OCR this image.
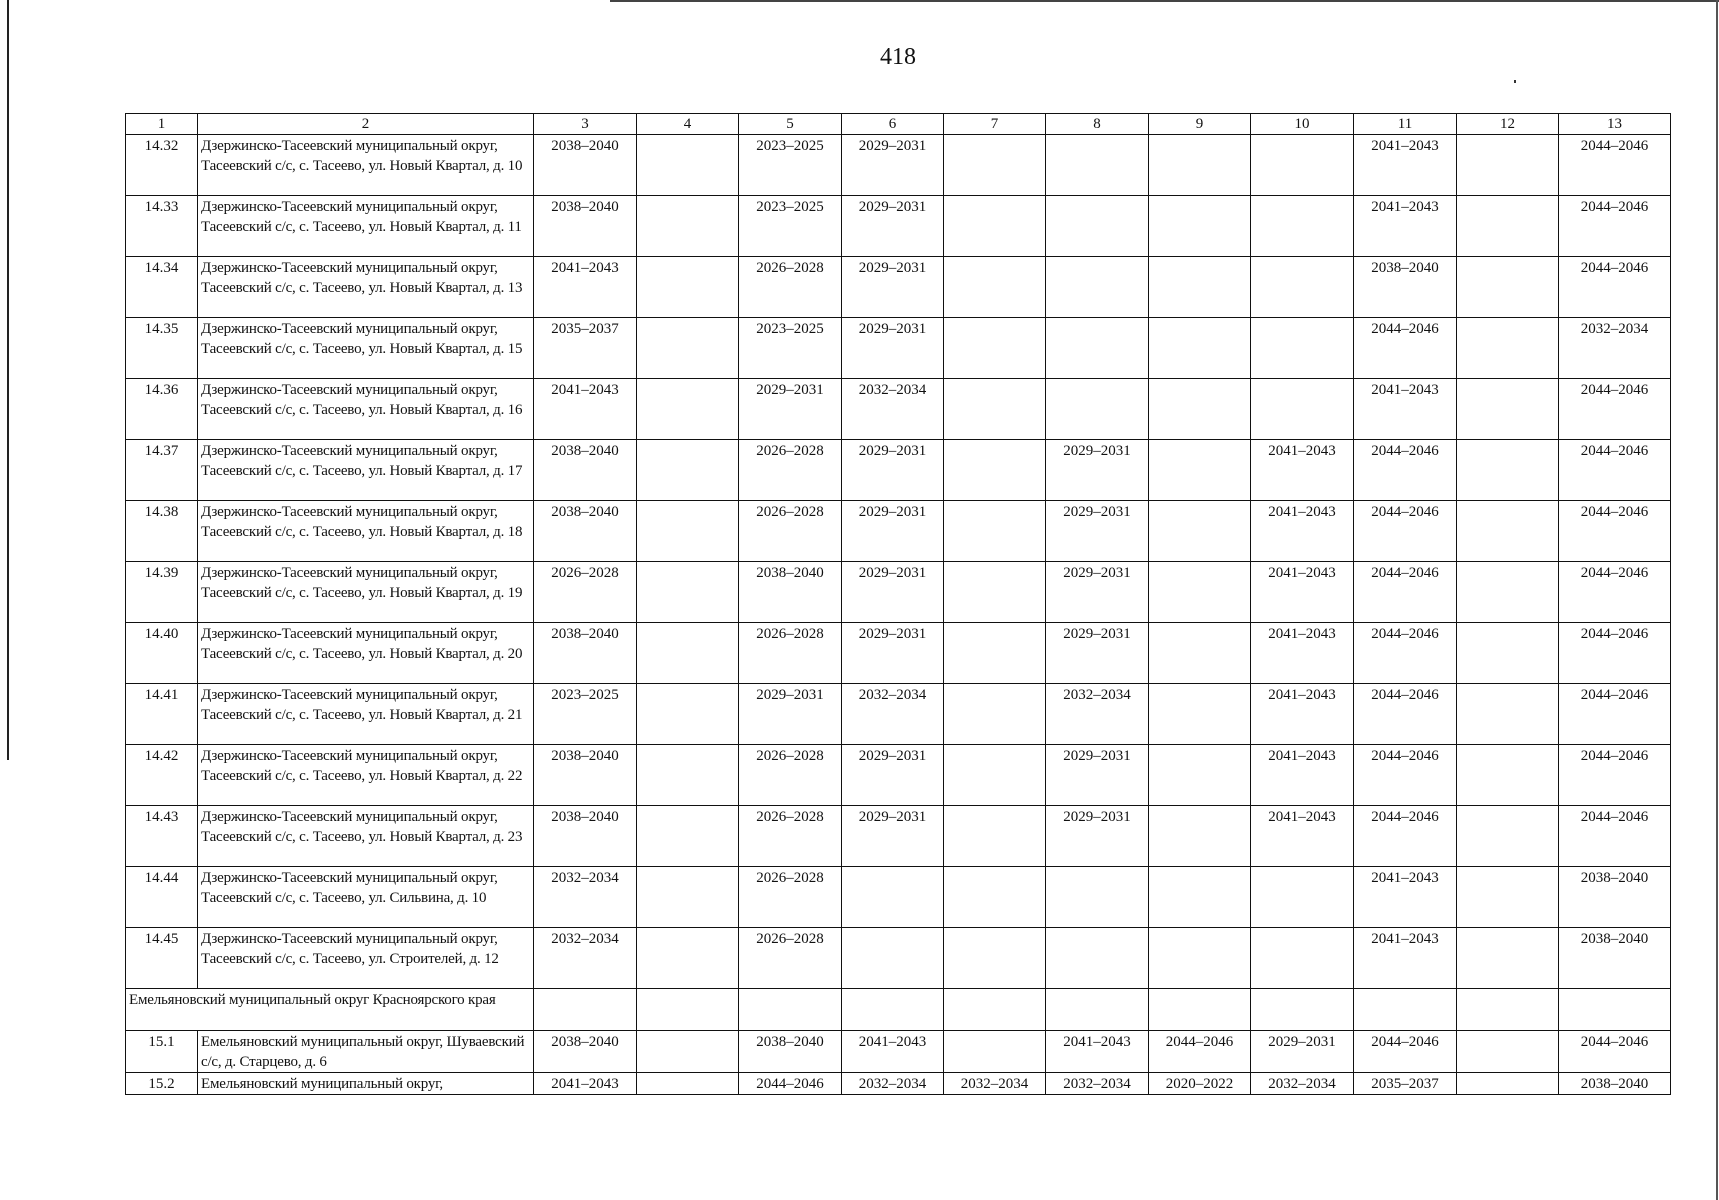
418
1	2	3	4	5	6	7	8	9	10	11	12	13
14.32	Дзержинско-Тасеевский муниципальный округ, Тасеевский с/с, с. Тасеево, ул. Новый Квартал, д. 10	2038–2040		2023–2025	2029–2031					2041–2043		2044–2046
14.33	Дзержинско-Тасеевский муниципальный округ, Тасеевский с/с, с. Тасеево, ул. Новый Квартал, д. 11	2038–2040		2023–2025	2029–2031					2041–2043		2044–2046
14.34	Дзержинско-Тасеевский муниципальный округ, Тасеевский с/с, с. Тасеево, ул. Новый Квартал, д. 13	2041–2043		2026–2028	2029–2031					2038–2040		2044–2046
14.35	Дзержинско-Тасеевский муниципальный округ, Тасеевский с/с, с. Тасеево, ул. Новый Квартал, д. 15	2035–2037		2023–2025	2029–2031					2044–2046		2032–2034
14.36	Дзержинско-Тасеевский муниципальный округ, Тасеевский с/с, с. Тасеево, ул. Новый Квартал, д. 16	2041–2043		2029–2031	2032–2034					2041–2043		2044–2046
14.37	Дзержинско-Тасеевский муниципальный округ, Тасеевский с/с, с. Тасеево, ул. Новый Квартал, д. 17	2038–2040		2026–2028	2029–2031		2029–2031		2041–2043	2044–2046		2044–2046
14.38	Дзержинско-Тасеевский муниципальный округ, Тасеевский с/с, с. Тасеево, ул. Новый Квартал, д. 18	2038–2040		2026–2028	2029–2031		2029–2031		2041–2043	2044–2046		2044–2046
14.39	Дзержинско-Тасеевский муниципальный округ, Тасеевский с/с, с. Тасеево, ул. Новый Квартал, д. 19	2026–2028		2038–2040	2029–2031		2029–2031		2041–2043	2044–2046		2044–2046
14.40	Дзержинско-Тасеевский муниципальный округ, Тасеевский с/с, с. Тасеево, ул. Новый Квартал, д. 20	2038–2040		2026–2028	2029–2031		2029–2031		2041–2043	2044–2046		2044–2046
14.41	Дзержинско-Тасеевский муниципальный округ, Тасеевский с/с, с. Тасеево, ул. Новый Квартал, д. 21	2023–2025		2029–2031	2032–2034		2032–2034		2041–2043	2044–2046		2044–2046
14.42	Дзержинско-Тасеевский муниципальный округ, Тасеевский с/с, с. Тасеево, ул. Новый Квартал, д. 22	2038–2040		2026–2028	2029–2031		2029–2031		2041–2043	2044–2046		2044–2046
14.43	Дзержинско-Тасеевский муниципальный округ, Тасеевский с/с, с. Тасеево, ул. Новый Квартал, д. 23	2038–2040		2026–2028	2029–2031		2029–2031		2041–2043	2044–2046		2044–2046
14.44	Дзержинско-Тасеевский муниципальный округ, Тасеевский с/с, с. Тасеево, ул. Сильвина, д. 10	2032–2034		2026–2028						2041–2043		2038–2040
14.45	Дзержинско-Тасеевский муниципальный округ, Тасеевский с/с, с. Тасеево, ул. Строителей, д. 12	2032–2034		2026–2028						2041–2043		2038–2040
Емельяновский муниципальный округ Красноярского края												
15.1	Емельяновский муниципальный округ, Шуваевский с/с, д. Старцево, д. 6	2038–2040		2038–2040	2041–2043		2041–2043	2044–2046	2029–2031	2044–2046		2044–2046
15.2	Емельяновский муниципальный округ,	2041–2043		2044–2046	2032–2034	2032–2034	2032–2034	2020–2022	2032–2034	2035–2037		2038–2040
